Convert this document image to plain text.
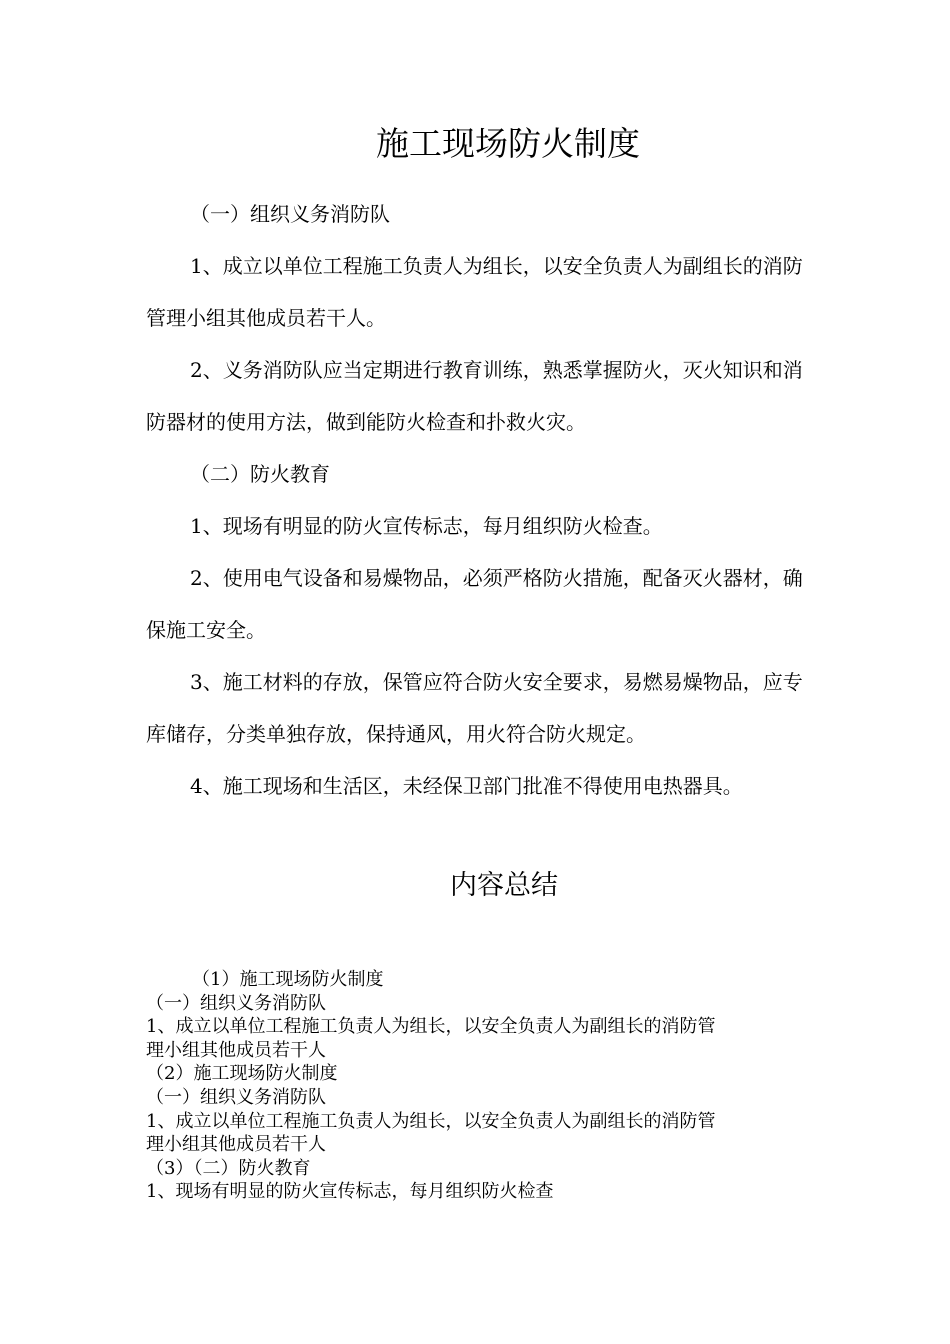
施工现场防火制度

（一）组织义务消防队

1、成立以单位工程施工负责人为组长，以安全负责人为副组长的消防管理小组其他成员若干人。

2、义务消防队应当定期进行教育训练，熟悉掌握防火，灭火知识和消防器材的使用方法，做到能防火检查和扑救火灾。

（二）防火教育

1、现场有明显的防火宣传标志，每月组织防火检查。

2、使用电气设备和易燥物品，必须严格防火措施，配备灭火器材，确保施工安全。

3、施工材料的存放，保管应符合防火安全要求，易燃易燥物品，应专库储存，分类单独存放，保持通风，用火符合防火规定。

4、施工现场和生活区，未经保卫部门批准不得使用电热器具。

内容总结

（1）施工现场防火制度

（一）组织义务消防队

1、成立以单位工程施工负责人为组长，以安全负责人为副组长的消防管

理小组其他成员若干人

（2）施工现场防火制度

（一）组织义务消防队

1、成立以单位工程施工负责人为组长，以安全负责人为副组长的消防管

理小组其他成员若干人

（3）（二）防火教育

1、现场有明显的防火宣传标志，每月组织防火检查
